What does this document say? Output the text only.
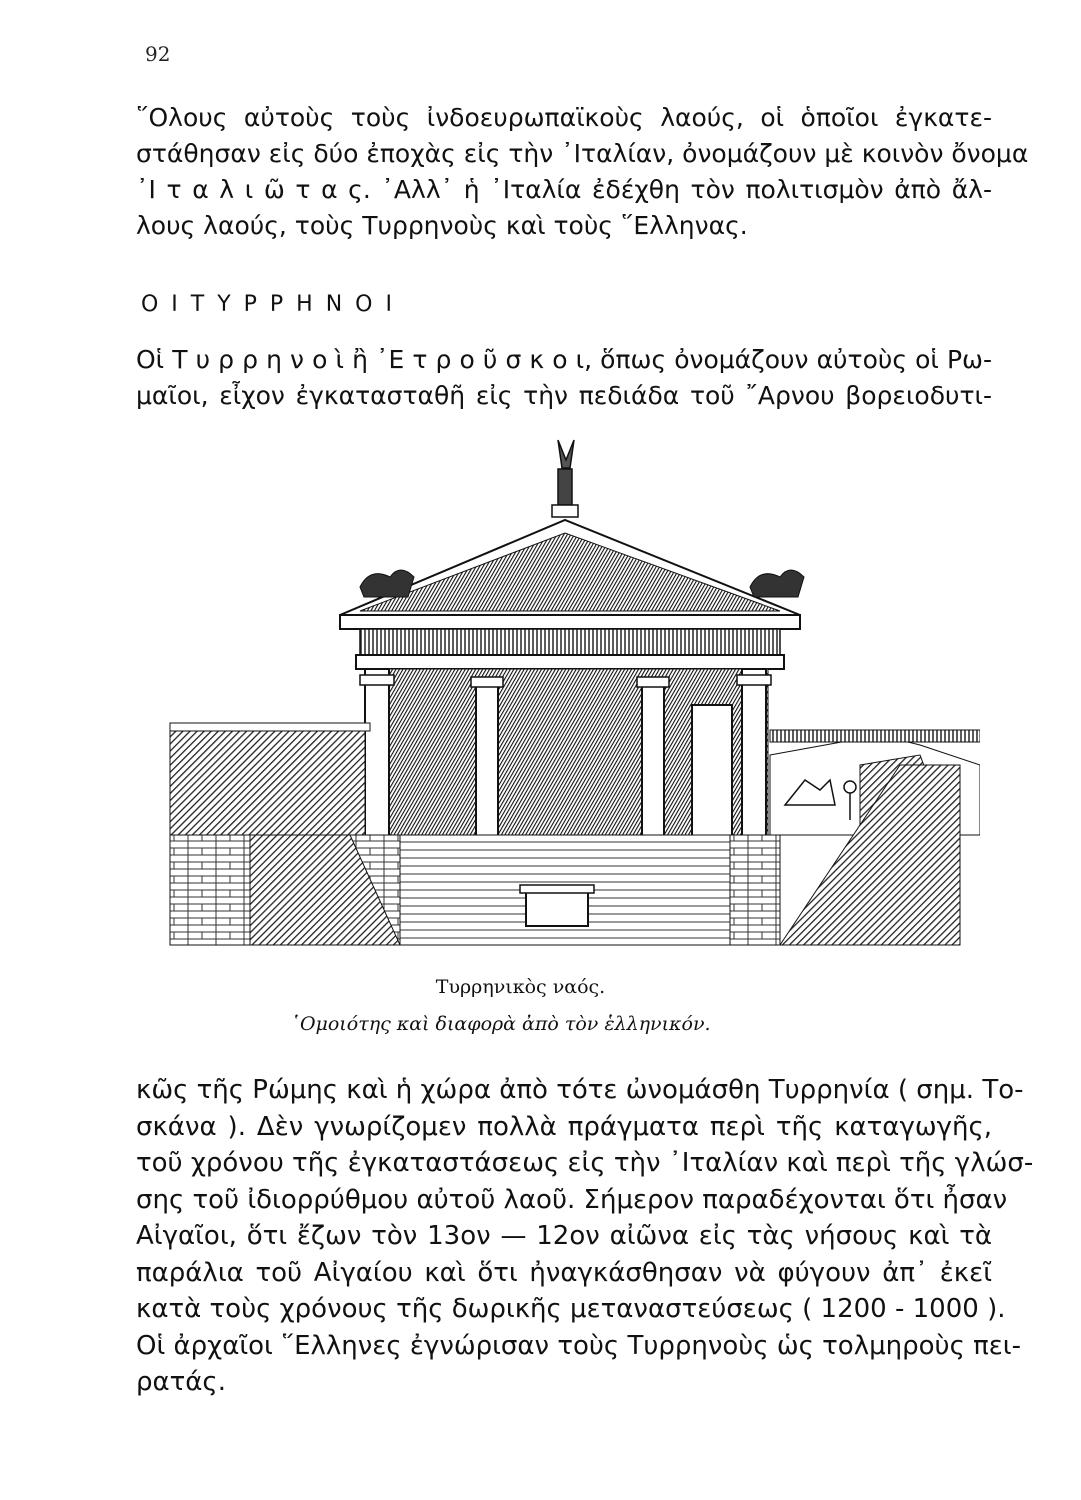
92
῞Ολους αὐτοὺς τοὺς ἰνδοευρωπαϊκοὺς λαούς, οἱ ὁποῖοι ἐγκατε-
στάθησαν εἰς δύο ἐποχὰς εἰς τὴν ᾿Ιταλίαν, ὀνομάζουν μὲ κοινὸν ὄνομα
᾿Ι τ α λ ι ῶ τ α ς. ᾿Αλλ᾿ ἡ ᾿Ιταλία ἐδέχθη τὸν πολιτισμὸν ἀπὸ ἄλ-
λους λαούς, τοὺς Τυρρηνοὺς καὶ τοὺς ῞Ελληνας.
Ο Ι Τ Υ Ρ Ρ Η Ν Ο Ι
Οἱ Τ υ ρ ρ η ν ο ὶ ἢ ᾿Ε τ ρ ο ῦ σ κ ο ι, ὅπως ὀνομάζουν αὐτοὺς οἱ Ρω-
μαῖοι, εἶχον ἐγκατασταθῆ εἰς τὴν πεδιάδα τοῦ ῎Αρνου βορειοδυτι-
Τυρρηνικὸς ναός.
῾Ομοιότης καὶ διαφορὰ ἀπὸ τὸν ἑλληνικόν.
κῶς τῆς Ρώμης καὶ ἡ χώρα ἀπὸ τότε ὠνομάσθη Τυρρηνία ( σημ. Το-
σκάνα ). Δὲν γνωρίζομεν πολλὰ πράγματα περὶ τῆς καταγωγῆς,
τοῦ χρόνου τῆς ἐγκαταστάσεως εἰς τὴν ᾿Ιταλίαν καὶ περὶ τῆς γλώσ-
σης τοῦ ἰδιορρύθμου αὐτοῦ λαοῦ. Σήμερον παραδέχονται ὅτι ἦσαν
Αἰγαῖοι, ὅτι ἔζων τὸν 13ον — 12ον αἰῶνα εἰς τὰς νήσους καὶ τὰ
παράλια τοῦ Αἰγαίου καὶ ὅτι ἠναγκάσθησαν νὰ φύγουν ἀπ᾿ ἐκεῖ
κατὰ τοὺς χρόνους τῆς δωρικῆς μεταναστεύσεως ( 1200 - 1000 ).
Οἱ ἀρχαῖοι ῞Ελληνες ἐγνώρισαν τοὺς Τυρρηνοὺς ὡς τολμηροὺς πει-
ρατάς.
